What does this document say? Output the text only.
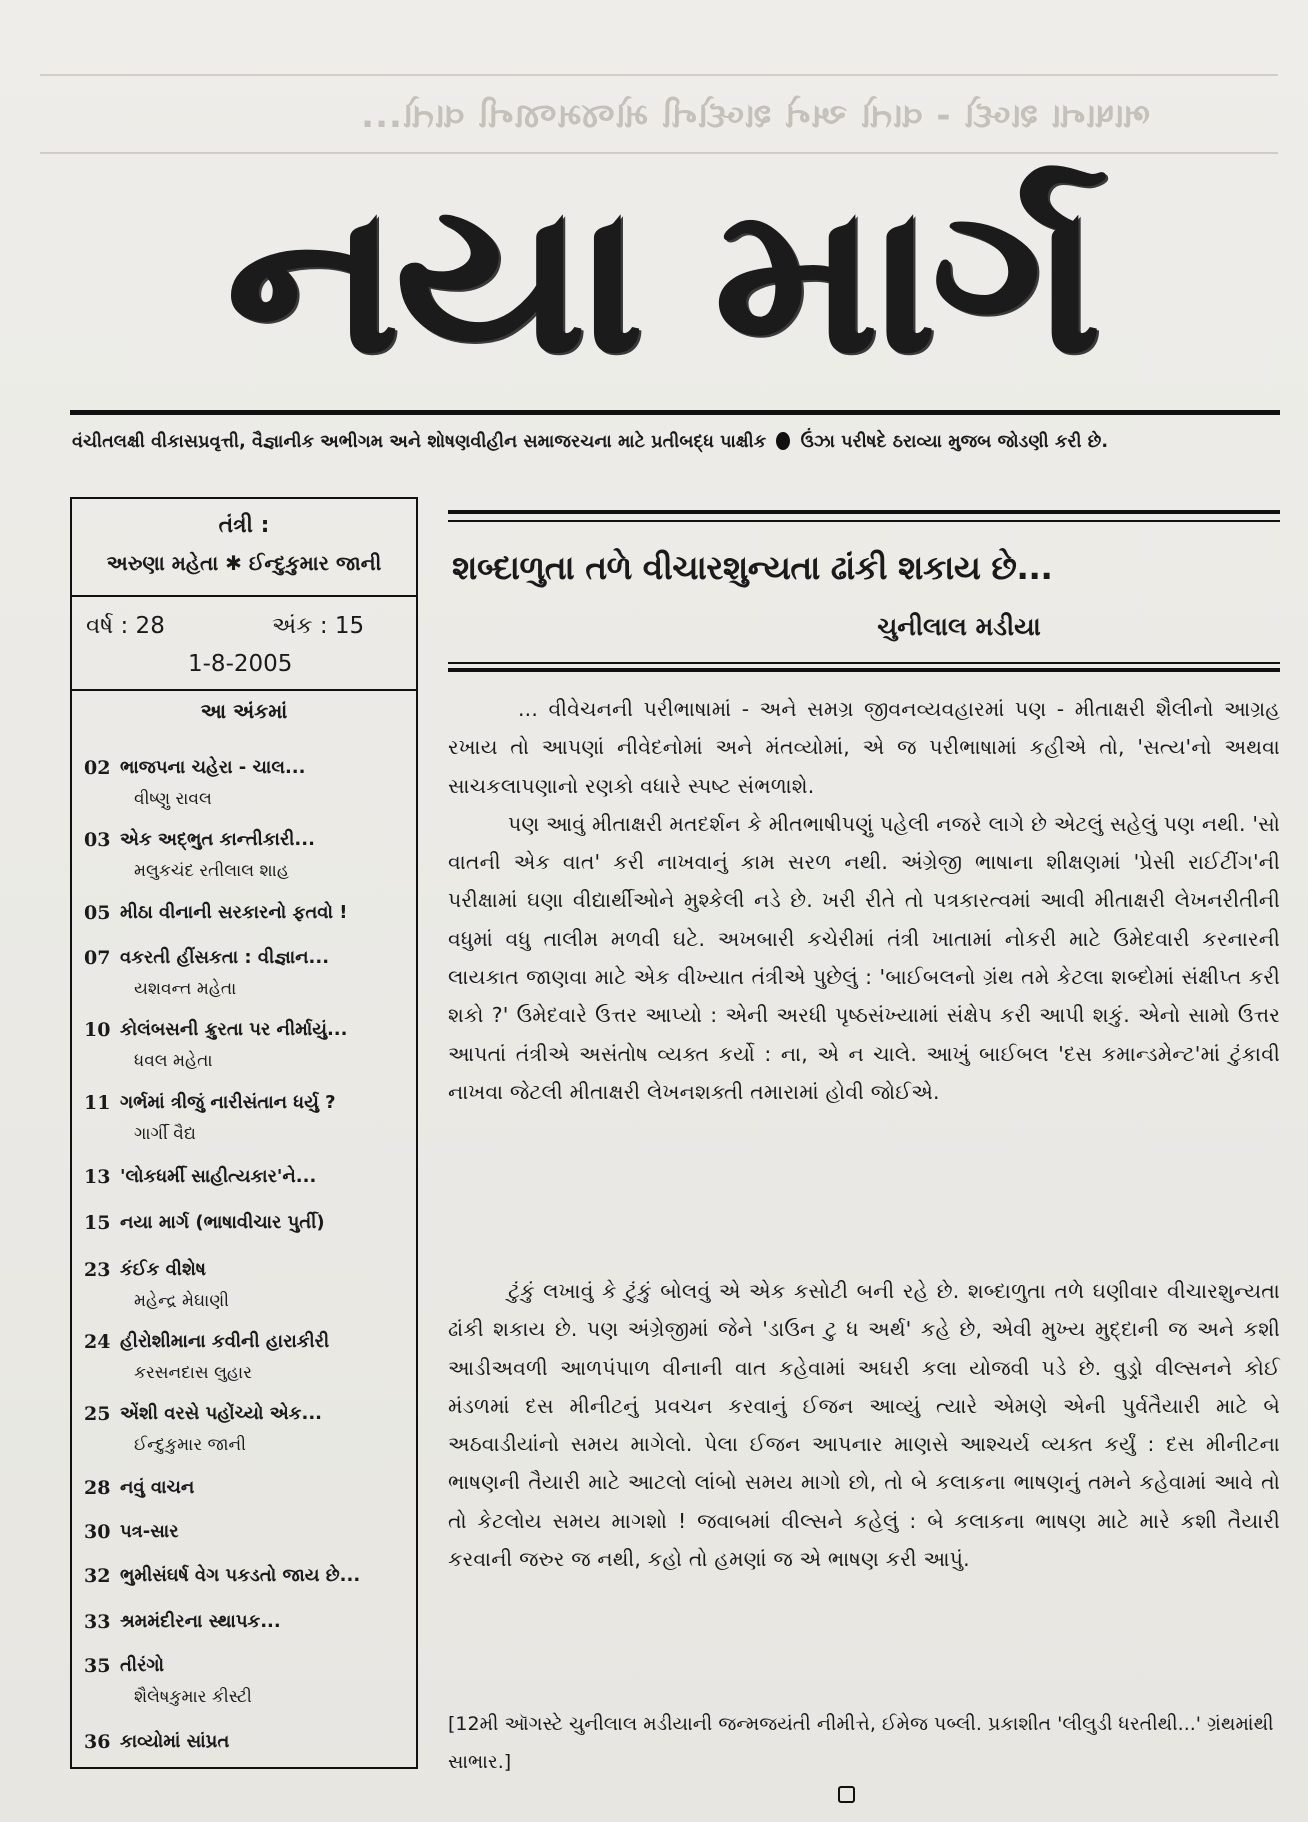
ભાષાના શબ્દો - વાતો અને શબ્દોની મોજમજાની વાતો...
નયા માર્ગ
વંચીતલક્ષી વીકાસપ્રવૃત્તી, વૈજ્ઞાનીક અભીગમ અને શોષણવીહીન સમાજરચના માટે પ્રતીબદ્ધ પાક્ષીક ઉંઝા પરીષદે ઠરાવ્યા મુજબ જોડણી કરી છે.
તંત્રી :
અરુણા મહેતા ✱ ઈન્દુકુમાર જાની
વર્ષ : 28	અંક : 15
1-8-2005
આ અંકમાં
02 ભાજપના ચહેરા - ચાલ...
વીષ્ણુ રાવલ
03 એક અદ્ભુત કાન્તીકારી...
મલુકચંદ રતીલાલ શાહ
05 મીઠા વીનાની સરકારનો ફતવો !
07 વકરતી હીંસકતા : વીજ્ઞાન...
યશવન્ત મહેતા
10 કોલંબસની ક્રુરતા પર નીર્માયું...
ધવલ મહેતા
11 ગર્ભમાં ત્રીજું નારીસંતાન ધર્યુ ?
ગાર્ગી વૈદ્ય
13 'લોકધર્મી સાહીત્યકાર'ને...
15 નયા માર્ગ (ભાષાવીચાર પુર્તી)
23 કંઈક વીશેષ
મહેન્દ્ર મેઘાણી
24 હીરોશીમાના કવીની હારાકીરી
કરસનદાસ લુહાર
25 એંશી વરસે પહોંચ્યો એક...
ઈન્દુકુમાર જાની
28 નવું વાચન
30 પત્ર-સાર
32 ભુમીસંઘર્ષ વેગ પકડતો જાય છે...
33 શ્રમમંદીરના સ્થાપક...
35 તીરંગો
શૈલેષકુમાર કીસ્ટી
36 કાવ્યોમાં સાંપ્રત
શબ્દાળુતા તળે વીચારશુન્યતા ઢાંકી શકાય છે...
ચુનીલાલ મડીયા

... વીવેચનની પરીભાષામાં - અને સમગ્ર જીવનવ્યવહારમાં પણ - મીતાક્ષરી શૈલીનો આગ્રહ રખાય તો આપણાં નીવેદનોમાં અને મંતવ્યોમાં, એ જ પરીભાષામાં કહીએ તો, 'સત્ય'નો અથવા સાચકલાપણાનો રણકો વધારે સ્પષ્ટ સંભળાશે.

પણ આવું મીતાક્ષરી મતદર્શન કે મીતભાષીપણું પહેલી નજરે લાગે છે એટલું સહેલું પણ નથી. 'સો વાતની એક વાત' કરી નાખવાનું કામ સરળ નથી. અંગ્રેજી ભાષાના શીક્ષણમાં 'પ્રેસી રાઈટીંગ'ની પરીક્ષામાં ઘણા વીદ્યાર્થીઓને મુશ્કેલી નડે છે. ખરી રીતે તો પત્રકારત્વમાં આવી મીતાક્ષરી લેખનરીતીની વધુમાં વધુ તાલીમ મળવી ઘટે. અખબારી કચેરીમાં તંત્રી ખાતામાં નોકરી માટે ઉમેદવારી કરનારની લાયકાત જાણવા માટે એક વીખ્યાત તંત્રીએ પુછેલું : 'બાઈબલનો ગ્રંથ તમે કેટલા શબ્દોમાં સંક્ષીપ્ત કરી શકો ?' ઉમેદવારે ઉત્તર આપ્યો : એની અરધી પૃષ્ઠસંખ્યામાં સંક્ષેપ કરી આપી શકું. એનો સામો ઉત્તર આપતાં તંત્રીએ અસંતોષ વ્યક્ત કર્યો : ના, એ ન ચાલે. આખું બાઈબલ 'દસ કમાન્ડમેન્ટ'માં ટુંકાવી નાખવા જેટલી મીતાક્ષરી લેખનશક્તી તમારામાં હોવી જોઈએ.

ટુંકું લખાવું કે ટુંકું બોલવું એ એક કસોટી બની રહે છે. શબ્દાળુતા તળે ઘણીવાર વીચારશુન્યતા ઢાંકી શકાય છે. પણ અંગ્રેજીમાં જેને 'ડાઉન ટુ ધ અર્થ' કહે છે, એવી મુખ્ય મુદ્દાની જ અને કશી આડીઅવળી આળપંપાળ વીનાની વાત કહેવામાં અઘરી કલા યોજવી પડે છે. વુડ્રો વીલ્સનને કોઈ મંડળમાં દસ મીનીટનું પ્રવચન કરવાનું ઈજન આવ્યું ત્યારે એમણે એની પુર્વતૈયારી માટે બે અઠવાડીયાંનો સમય માગેલો. પેલા ઈજન આપનાર માણસે આશ્ચર્ય વ્યક્ત કર્યું : દસ મીનીટના ભાષણની તૈયારી માટે આટલો લાંબો સમય માગો છો, તો બે કલાકના ભાષણનું તમને કહેવામાં આવે તો તો કેટલોય સમય માગશો ! જવાબમાં વીલ્સને કહેલું : બે કલાકના ભાષણ માટે મારે કશી તૈયારી કરવાની જરુર જ નથી, કહો તો હમણાં જ એ ભાષણ કરી આપું.

[12મી ઑગસ્ટે ચુનીલાલ મડીયાની જન્મજયંતી નીમીત્તે, ઈમેજ પબ્લી. પ્રકાશીત 'લીલુડી ધરતીથી...' ગ્રંથમાંથી સાભાર.]
